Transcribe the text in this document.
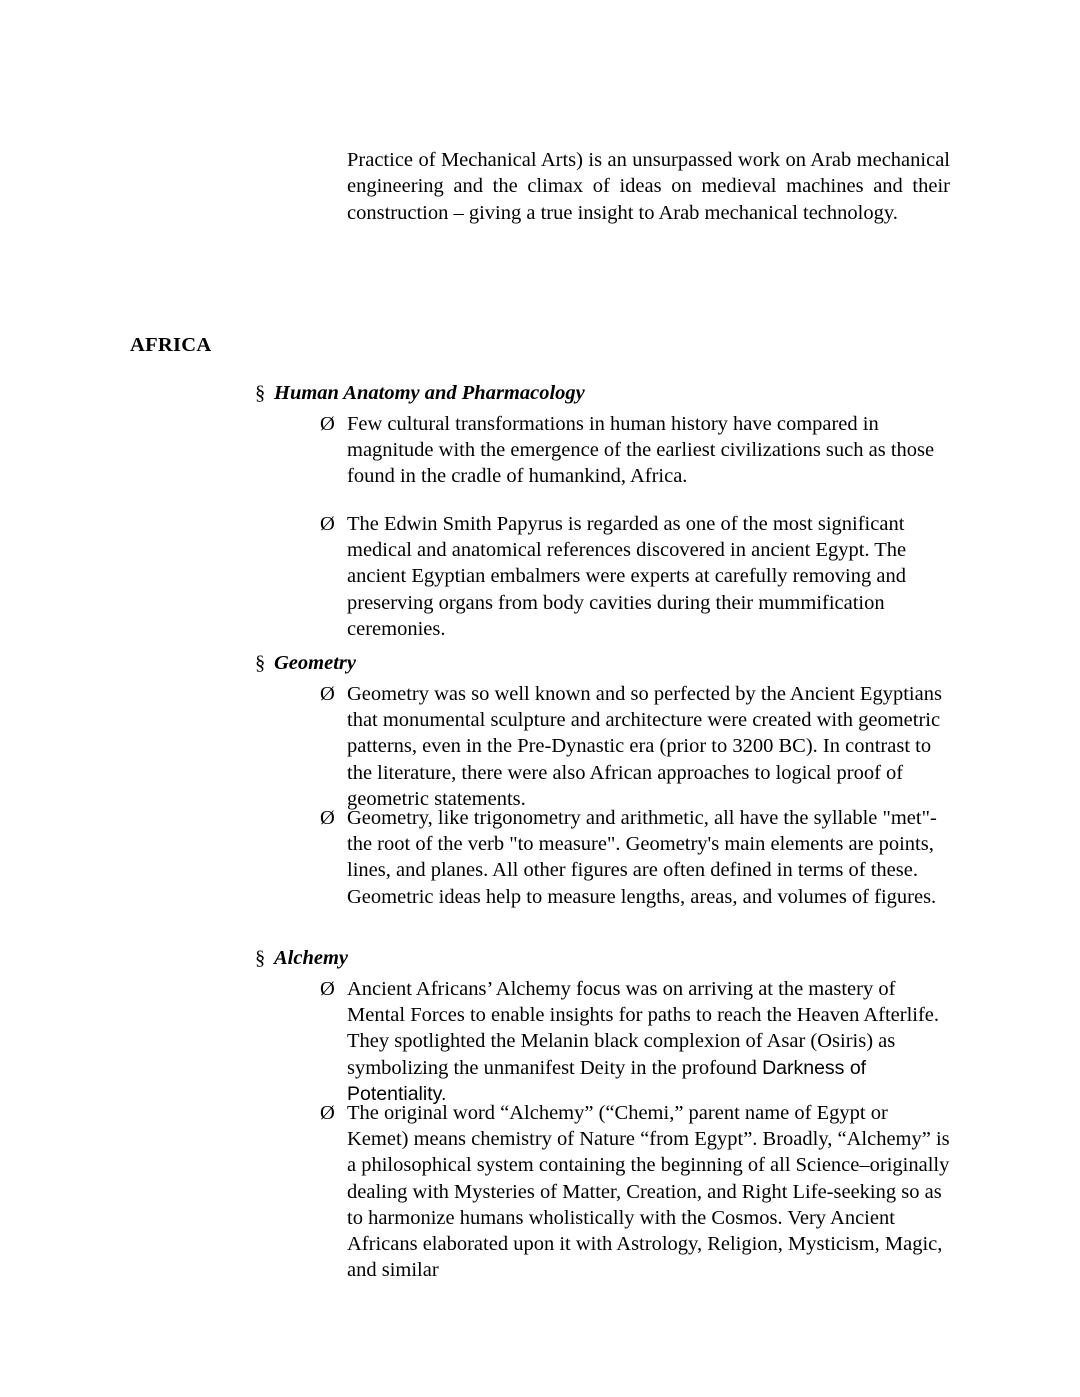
Practice of Mechanical Arts) is an unsurpassed work on Arab mechanical engineering and the climax of ideas on medieval machines and their construction – giving a true insight to Arab mechanical technology.

AFRICA
§ Human Anatomy and Pharmacology
Ø Few cultural transformations in human history have compared in magnitude with the emergence of the earliest civilizations such as those found in the cradle of humankind, Africa.
Ø The Edwin Smith Papyrus is regarded as one of the most significant medical and anatomical references discovered in ancient Egypt. The ancient Egyptian embalmers were experts at carefully removing and preserving organs from body cavities during their mummification ceremonies.
§ Geometry
Ø Geometry was so well known and so perfected by the Ancient Egyptians that monumental sculpture and architecture were created with geometric patterns, even in the Pre-Dynastic era (prior to 3200 BC). In contrast to the literature, there were also African approaches to logical proof of geometric statements.
Ø Geometry, like trigonometry and arithmetic, all have the syllable "met"-the root of the verb "to measure". Geometry's main elements are points, lines, and planes. All other figures are often defined in terms of these. Geometric ideas help to measure lengths, areas, and volumes of figures.
§ Alchemy
Ø Ancient Africans’ Alchemy focus was on arriving at the mastery of Mental Forces to enable insights for paths to reach the Heaven Afterlife. They spotlighted the Melanin black complexion of Asar (Osiris) as symbolizing the unmanifest Deity in the profound Darkness of Potentiality.
Ø The original word “Alchemy” (“Chemi,” parent name of Egypt or Kemet) means chemistry of Nature “from Egypt”. Broadly, “Alchemy” is a philosophical system containing the beginning of all Science–originally dealing with Mysteries of Matter, Creation, and Right Life-seeking so as to harmonize humans wholistically with the Cosmos. Very Ancient Africans elaborated upon it with Astrology, Religion, Mysticism, Magic, and similar
